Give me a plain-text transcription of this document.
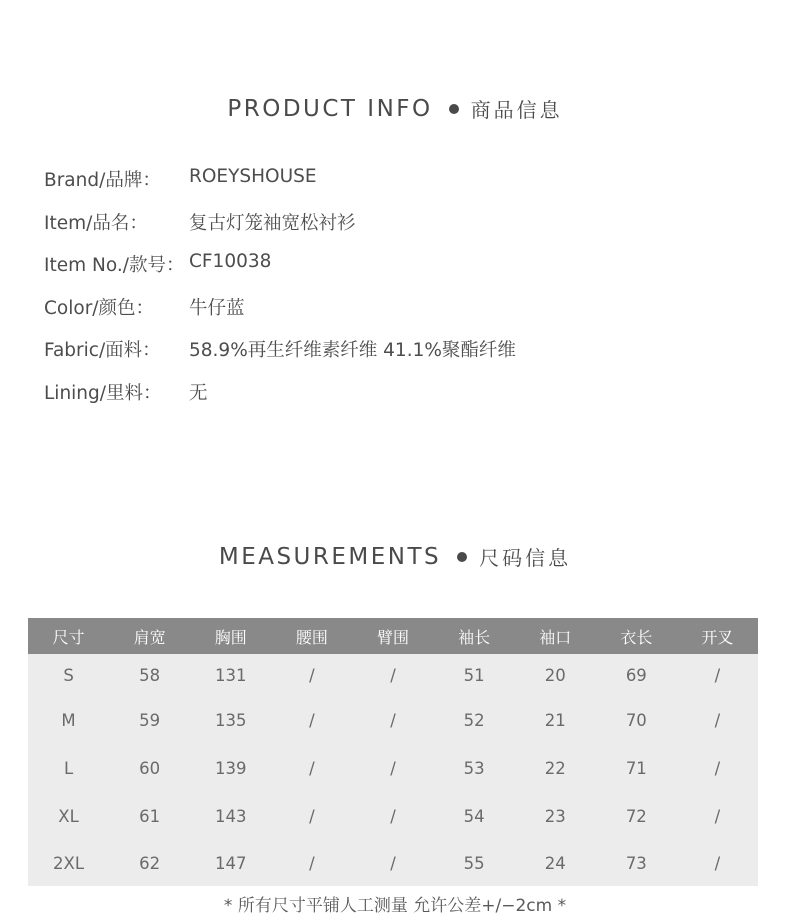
PRODUCT INFO 商品信息
Brand/品牌： ROEYSHOUSE
Item/品名： 复古灯笼袖宽松衬衫
Item No./款号： CF10038
Color/颜色： 牛仔蓝
Fabric/面料： 58.9%再生纤维素纤维 41.1%聚酯纤维
Lining/里料： 无
MEASUREMENTS 尺码信息
尺寸	肩宽	胸围	腰围	臂围	袖长	袖口	衣长	开叉
S	58	131	/	/	51	20	69	/
M	59	135	/	/	52	21	70	/
L	60	139	/	/	53	22	71	/
XL	61	143	/	/	54	23	72	/
2XL	62	147	/	/	55	24	73	/
* 所有尺寸平铺人工测量 允许公差+/−2cm *
